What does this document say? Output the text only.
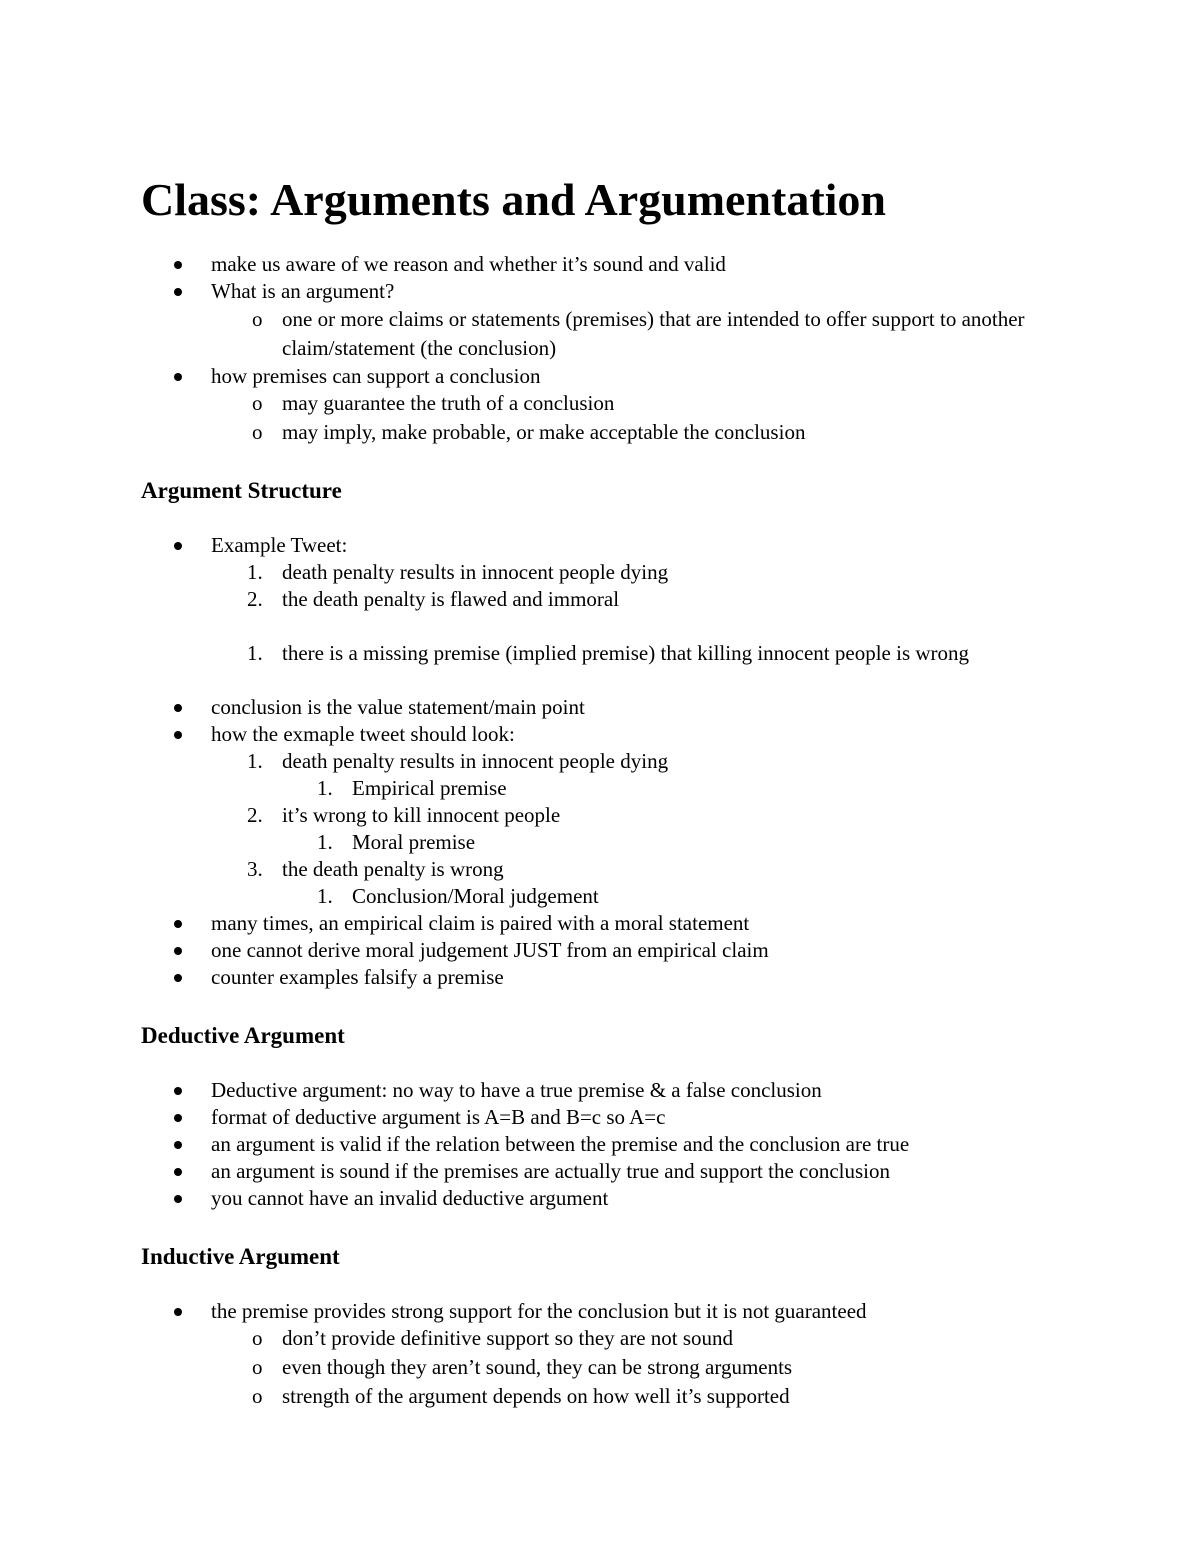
Class: Arguments and Argumentation
make us aware of we reason and whether it’s sound and valid
What is an argument?
o one or more claims or statements (premises) that are intended to offer support to another claim/statement (the conclusion)
how premises can support a conclusion
o may guarantee the truth of a conclusion
o may imply, make probable, or make acceptable the conclusion
Argument Structure
Example Tweet:
1. death penalty results in innocent people dying
2. the death penalty is flawed and immoral
1. there is a missing premise (implied premise) that killing innocent people is wrong
conclusion is the value statement/main point
how the exmaple tweet should look:
1. death penalty results in innocent people dying
1. Empirical premise
2. it’s wrong to kill innocent people
1. Moral premise
3. the death penalty is wrong
1. Conclusion/Moral judgement
many times, an empirical claim is paired with a moral statement
one cannot derive moral judgement JUST from an empirical claim
counter examples falsify a premise
Deductive Argument
Deductive argument: no way to have a true premise & a false conclusion
format of deductive argument is A=B and B=c so A=c
an argument is valid if the relation between the premise and the conclusion are true
an argument is sound if the premises are actually true and support the conclusion
you cannot have an invalid deductive argument
Inductive Argument
the premise provides strong support for the conclusion but it is not guaranteed
o don’t provide definitive support so they are not sound
o even though they aren’t sound, they can be strong arguments
o strength of the argument depends on how well it’s supported
